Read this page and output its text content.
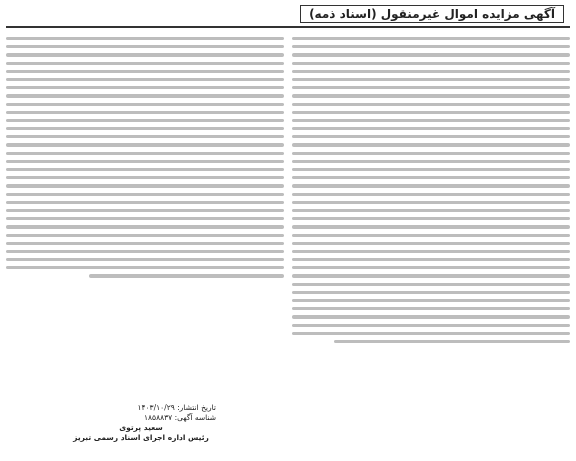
آگهی مزایده اموال غیرمنقول (اسناد ذمه)
تاریخ انتشار: ۱۴۰۳/۱۰/۲۹
شناسه آگهی: ۱۸۵۸۸۳۷
سعید پرتوی
رئیس اداره اجرای اسناد رسمی تبریز
